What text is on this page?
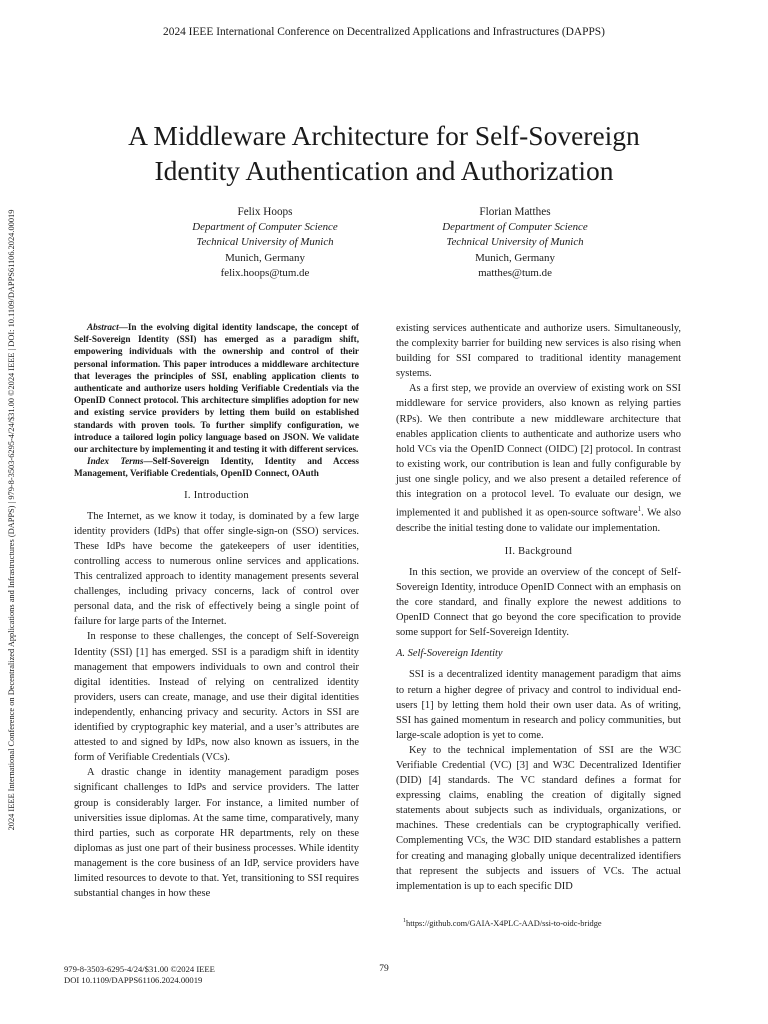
2024 IEEE International Conference on Decentralized Applications and Infrastructures (DAPPS)
2024 IEEE International Conference on Decentralized Applications and Infrastructures (DAPPS) | 979-8-3503-6295-4/24/$31.00 ©2024 IEEE | DOI: 10.1109/DAPPS61106.2024.00019
A Middleware Architecture for Self-Sovereign
Identity Authentication and Authorization
Felix Hoops
Department of Computer Science
Technical University of Munich
Munich, Germany
felix.hoops@tum.de
Florian Matthes
Department of Computer Science
Technical University of Munich
Munich, Germany
matthes@tum.de

Abstract—In the evolving digital identity landscape, the concept of Self-Sovereign Identity (SSI) has emerged as a paradigm shift, empowering individuals with the ownership and control of their personal information. This paper introduces a middleware architecture that leverages the principles of SSI, enabling application clients to authenticate and authorize users holding Verifiable Credentials via the OpenID Connect protocol. This architecture simplifies adoption for new and existing service providers by letting them build on established standards with proven tools. To further simplify configuration, we introduce a tailored login policy language based on JSON. We validate our architecture by implementing it and testing it with different services.

Index Terms—Self-Sovereign Identity, Identity and Access Management, Verifiable Credentials, OpenID Connect, OAuth

I. Introduction

The Internet, as we know it today, is dominated by a few large identity providers (IdPs) that offer single-sign-on (SSO) services. These IdPs have become the gatekeepers of user identities, controlling access to numerous online services and applications. This centralized approach to identity management presents several challenges, including privacy concerns, lack of control over personal data, and the risk of effectively being a single point of failure for large parts of the Internet.

In response to these challenges, the concept of Self-Sovereign Identity (SSI) [1] has emerged. SSI is a paradigm shift in identity management that empowers individuals to own and control their digital identities. Instead of relying on centralized identity providers, users can create, manage, and use their digital identities independently, enhancing privacy and security. Actors in SSI are identified by cryptographic key material, and a user’s attributes are attested to and signed by IdPs, now also known as issuers, in the form of Verifiable Credentials (VCs).

A drastic change in identity management paradigm poses significant challenges to IdPs and service providers. The latter group is considerably larger. For instance, a limited number of universities issue diplomas. At the same time, comparatively, many third parties, such as corporate HR departments, rely on these diplomas as just one part of their business processes. While identity management is the core business of an IdP, service providers have limited resources to devote to that. Yet, transitioning to SSI requires substantial changes in how these

existing services authenticate and authorize users. Simultaneously, the complexity barrier for building new services is also rising when building for SSI compared to traditional identity management systems.

As a first step, we provide an overview of existing work on SSI middleware for service providers, also known as relying parties (RPs). We then contribute a new middleware architecture that enables application clients to authenticate and authorize users who hold VCs via the OpenID Connect (OIDC) [2] protocol. In contrast to existing work, our contribution is lean and fully configurable by just one single policy, and we also present a detailed reference of this integration on a protocol level. To evaluate our design, we implemented it and published it as open-source software$^1$. We also describe the initial testing done to validate our implementation.

II. Background

In this section, we provide an overview of the concept of Self-Sovereign Identity, introduce OpenID Connect with an emphasis on the core standard, and finally explore the newest additions to OpenID Connect that go beyond the core specification to provide some support for Self-Sovereign Identity.

A. Self-Sovereign Identity

SSI is a decentralized identity management paradigm that aims to return a higher degree of privacy and control to individual end-users [1] by letting them hold their own user data. As of writing, SSI has gained momentum in research and policy communities, but large-scale adoption is yet to come.

Key to the technical implementation of SSI are the W3C Verifiable Credential (VC) [3] and W3C Decentralized Identifier (DID) [4] standards. The VC standard defines a format for expressing claims, enabling the creation of digitally signed statements about subjects such as individuals, organizations, or machines. These credentials can be cryptographically verified. Complementing VCs, the W3C DID standard establishes a pattern for creating and managing globally unique decentralized identifiers that represent the subjects and issuers of VCs. The actual implementation is up to each specific DID

$^1$https://github.com/GAIA-X4PLC-AAD/ssi-to-oidc-bridge
979-8-3503-6295-4/24/$31.00 ©2024 IEEE
DOI 10.1109/DAPPS61106.2024.00019
79
